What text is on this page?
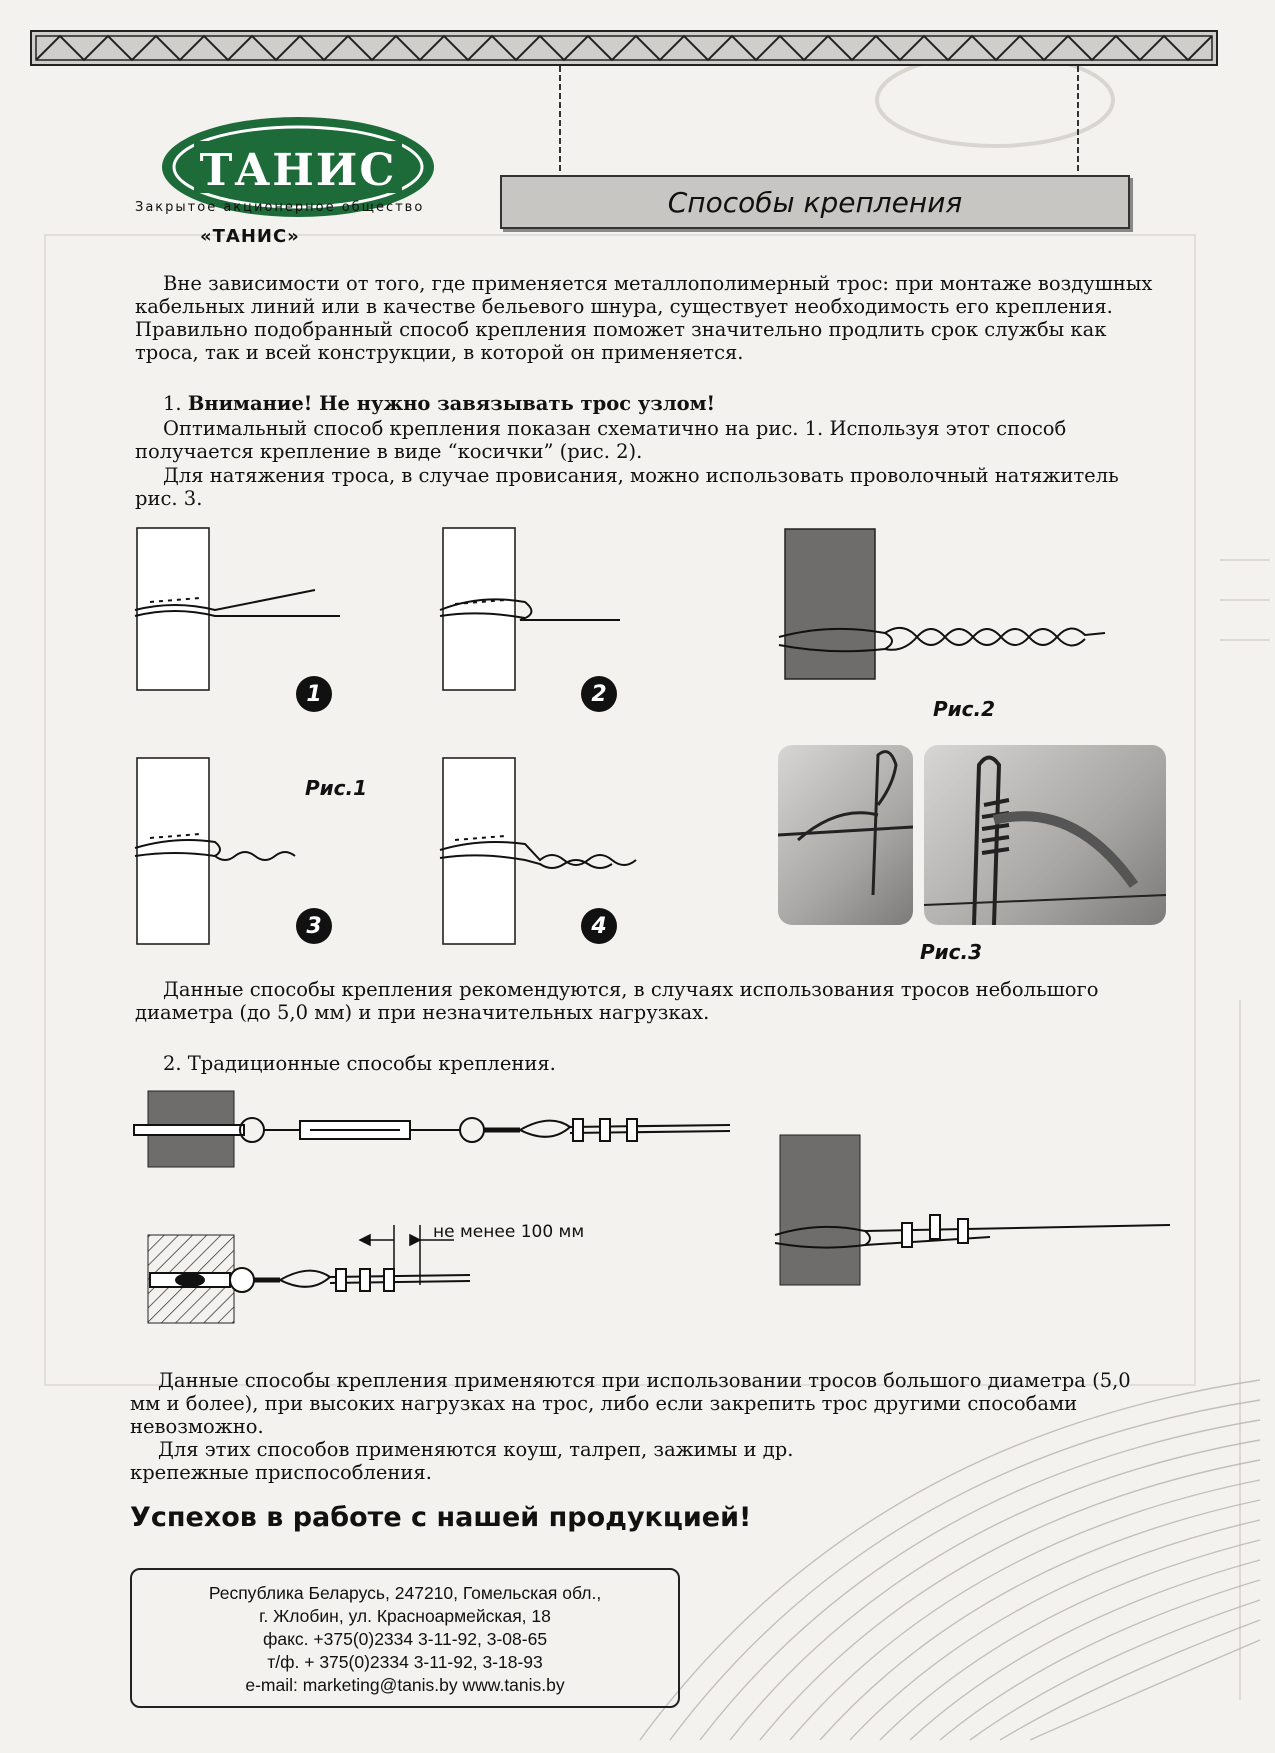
ТАНИС
Закрытое акционерное общество
«ТАНИС»
Способы крепления
Вне зависимости от того, где применяется металлополимерный трос: при монтаже воздушных кабельных линий или в качестве бельевого шнура, существует необходимость его крепления. Правильно подобранный способ крепления поможет значительно продлить срок службы как троса, так и всей конструкции, в которой он применяется.
1. Внимание! Не нужно завязывать трос узлом!
Оптимальный способ крепления показан схематично на рис. 1. Используя этот способ получается крепление в виде “косички” (рис. 2).
Для натяжения троса, в случае провисания, можно использовать проволочный натяжитель рис. 3.
1	2
3	4
Рис.1
Рис.2
Рис.3
Данные способы крепления рекомендуются, в случаях использования тросов небольшого диаметра (до 5,0 мм) и при незначительных нагрузках.
2. Традиционные способы крепления.
не менее 100 мм
Данные способы крепления применяются при использовании тросов большого диаметра (5,0 мм и более), при высоких нагрузках на трос, либо если закрепить трос другими способами невозможно.
Для этих способов применяются коуш, талреп, зажимы и др. крепежные приспособления.
Успехов в работе с нашей продукцией!
Республика Беларусь, 247210, Гомельская обл.,
г. Жлобин, ул. Красноармейская, 18
факс. +375(0)2334 3-11-92, 3-08-65
т/ф. + 375(0)2334 3-11-92, 3-18-93
e-mail: marketing@tanis.by www.tanis.by
